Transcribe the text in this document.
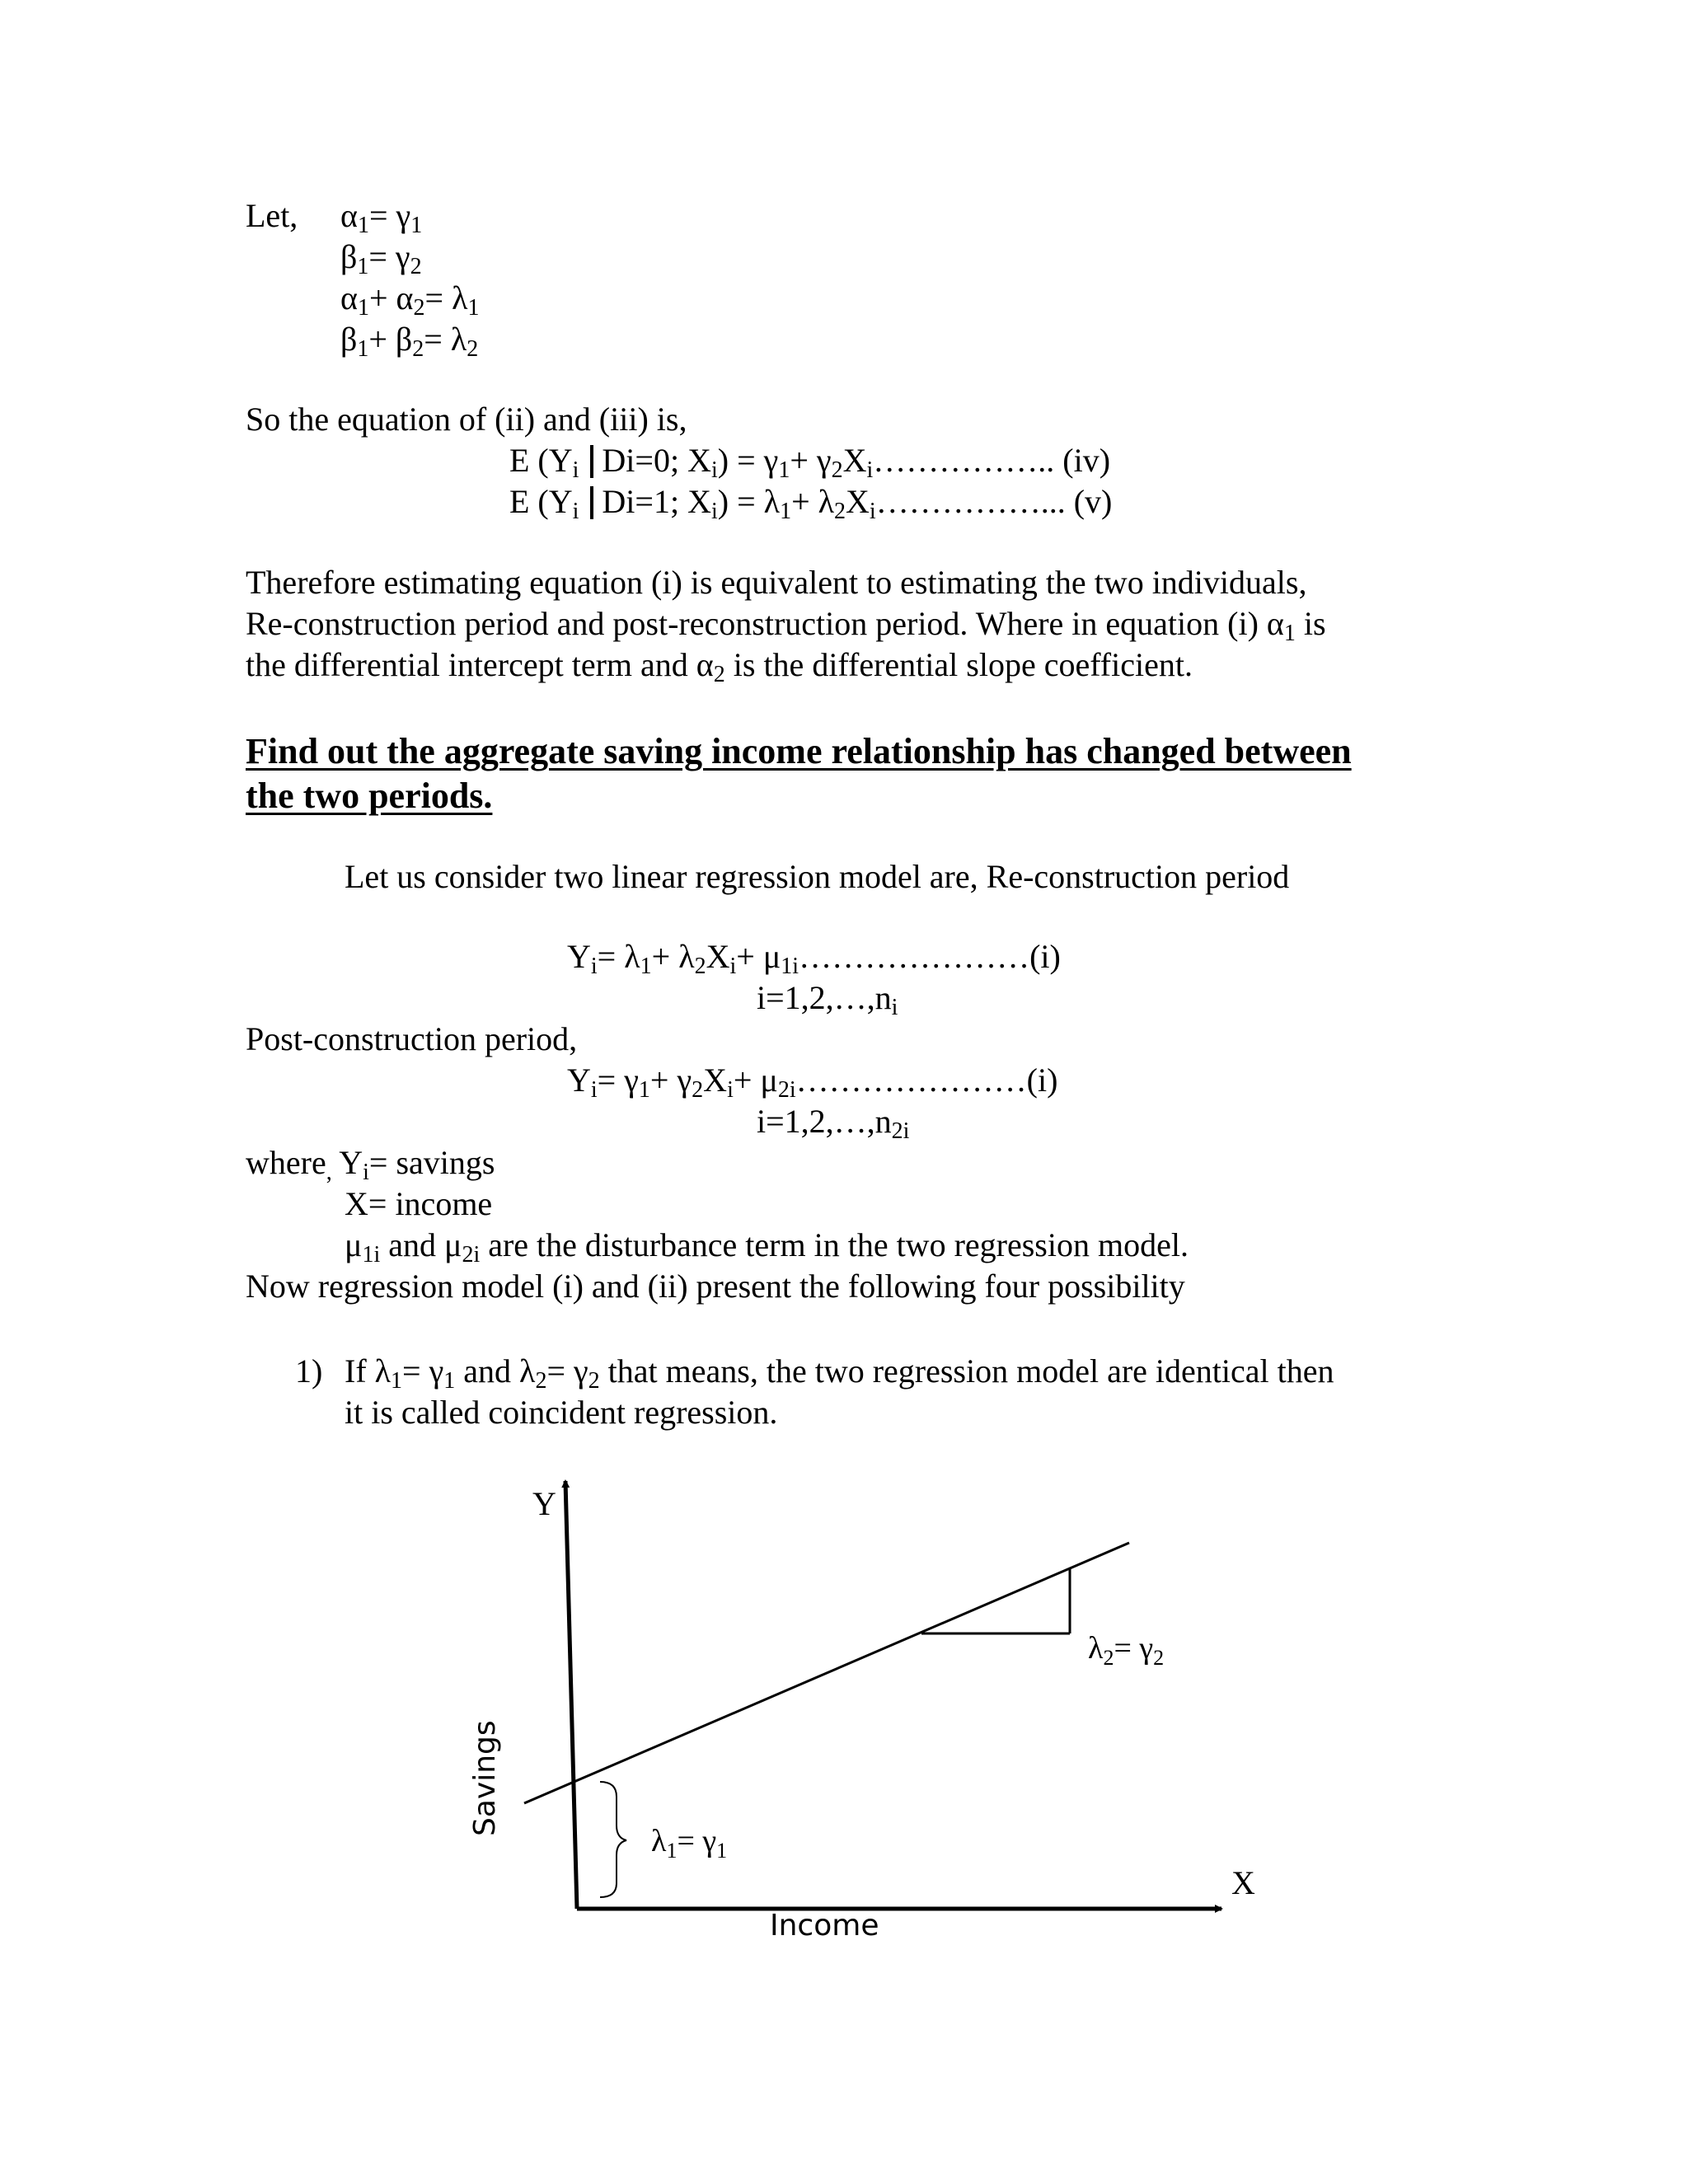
Let, $\alpha_1= \gamma_1$
$\beta_1= \gamma_2$
$\alpha_1+ \alpha_2= \lambda_1$
$\beta_1+ \beta_2= \lambda_2$
So the equation of (ii) and (iii) is,
E ($Y_i$ Di=0; $X_i) = \gamma_1+$ $\gamma_2X_i\dots\dots\dots\dots\dots$.. (iv)
E ($Y_i$ Di=1; $X_i) = \lambda_1+$ $\lambda_2X_i\dots\dots\dots\dots\dots$... (v)
Therefore estimating equation (i) is equivalent to estimating the two individuals,
Re-construction period and post-reconstruction period. Where in equation (i) $\alpha_1$ is
the differential intercept term and $\alpha_2$ is the differential slope coefficient.
Find out the aggregate saving income relationship has changed between
the two periods.
Let us consider two linear regression model are, Re-construction period
$Y_i= \lambda_1+ \lambda_2X_i+$ $\mu_{1i}\dots\dots\dots\dots\dots\dots\dots(i)$
$i=1,2,\dots,n_i$
Post-construction period,
$Y_i= \gamma_1+ \gamma_2X_i+$ $\mu_{2i}\dots\dots\dots\dots\dots\dots\dots(i)$
$i=1,2,\dots,n_{2i}$
where$_,$ $Y_i=$ savings
X= income
$\mu_{1i}$ and $\mu_{2i}$ are the disturbance term in the two regression model.
Now regression model (i) and (ii) present the following four possibility
1) If $\lambda_1= \gamma_1$ and $\lambda_2= \gamma_2$ that means, the two regression model are identical then
it is called coincident regression.
Y
X
Income
Savings
$\lambda_1= \gamma_1$
$\lambda_2= \gamma_2$
